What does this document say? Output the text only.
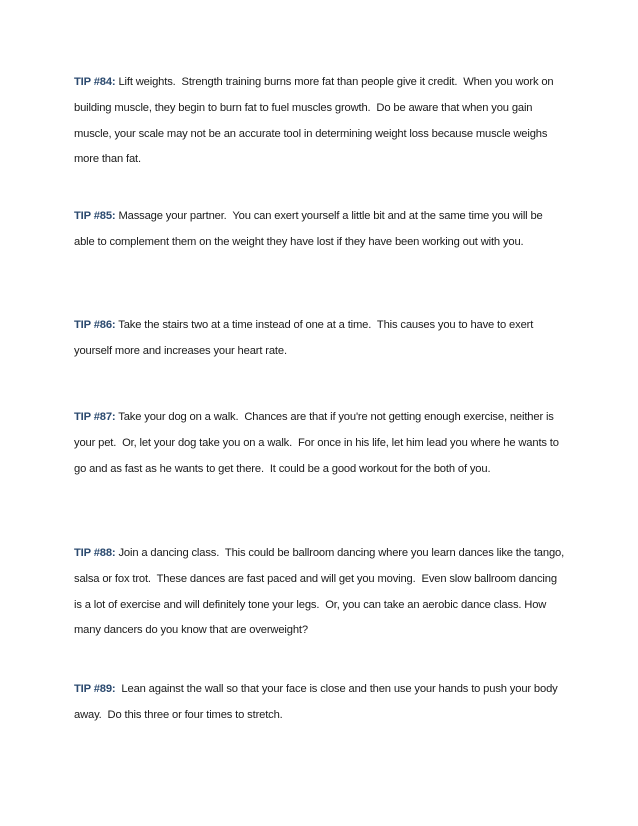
TIP #84: Lift weights.  Strength training burns more fat than people give it credit.  When you work on building muscle, they begin to burn fat to fuel muscles growth.  Do be aware that when you gain muscle, your scale may not be an accurate tool in determining weight loss because muscle weighs more than fat.

TIP #85: Massage your partner.  You can exert yourself a little bit and at the same time you will be able to complement them on the weight they have lost if they have been working out with you.

TIP #86: Take the stairs two at a time instead of one at a time.  This causes you to have to exert yourself more and increases your heart rate.

TIP #87: Take your dog on a walk.  Chances are that if you're not getting enough exercise, neither is your pet.  Or, let your dog take you on a walk.  For once in his life, let him lead you where he wants to go and as fast as he wants to get there.  It could be a good workout for the both of you.

TIP #88: Join a dancing class.  This could be ballroom dancing where you learn dances like the tango, salsa or fox trot.  These dances are fast paced and will get you moving.  Even slow ballroom dancing is a lot of exercise and will definitely tone your legs.  Or, you can take an aerobic dance class. How many dancers do you know that are overweight?

TIP #89:  Lean against the wall so that your face is close and then use your hands to push your body away.  Do this three or four times to stretch.
